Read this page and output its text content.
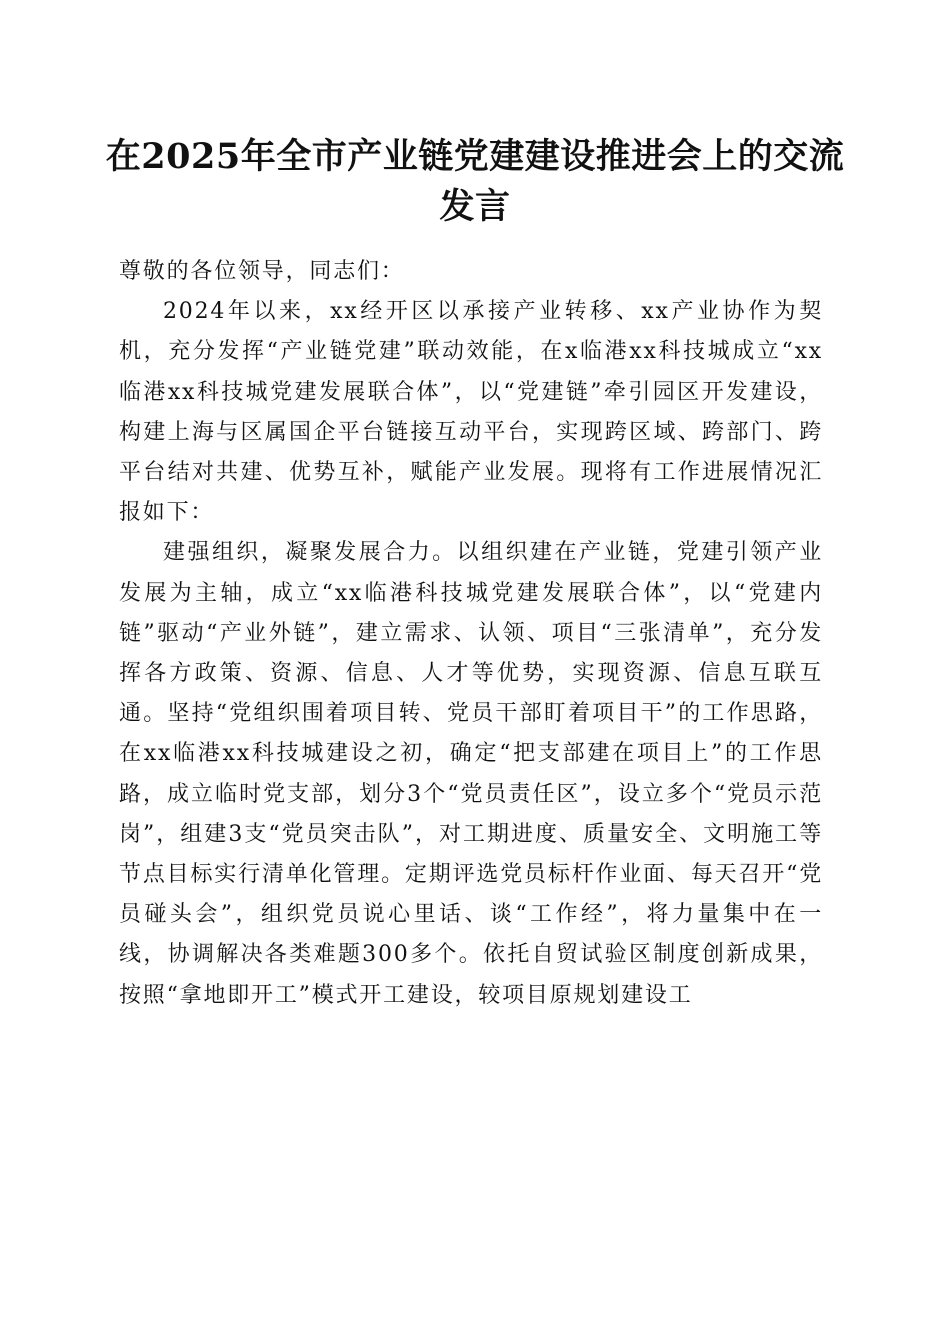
在2025年全市产业链党建建设推进会上的交流发言

尊敬的各位领导，同志们：

2024年以来，xx经开区以承接产业转移、xx产业协作为契机，充分发挥“产业链党建”联动效能，在x临港xx科技城成立“xx临港xx科技城党建发展联合体”，以“党建链”牵引园区开发建设，构建上海与区属国企平台链接互动平台，实现跨区域、跨部门、跨平台结对共建、优势互补，赋能产业发展。现将有工作进展情况汇报如下：

建强组织，凝聚发展合力。以组织建在产业链，党建引领产业发展为主轴，成立“xx临港科技城党建发展联合体”，以“党建内链”驱动“产业外链”，建立需求、认领、项目“三张清单”，充分发挥各方政策、资源、信息、人才等优势，实现资源、信息互联互通。坚持“党组织围着项目转、党员干部盯着项目干”的工作思路，在xx临港xx科技城建设之初，确定“把支部建在项目上”的工作思路，成立临时党支部，划分3个“党员责任区”，设立多个“党员示范岗”，组建3支“党员突击队”，对工期进度、质量安全、文明施工等节点目标实行清单化管理。定期评选党员标杆作业面、每天召开“党员碰头会”，组织党员说心里话、谈“工作经”，将力量集中在一线，协调解决各类难题300多个。依托自贸试验区制度创新成果，按照“拿地即开工”模式开工建设，较项目原规划建设工
